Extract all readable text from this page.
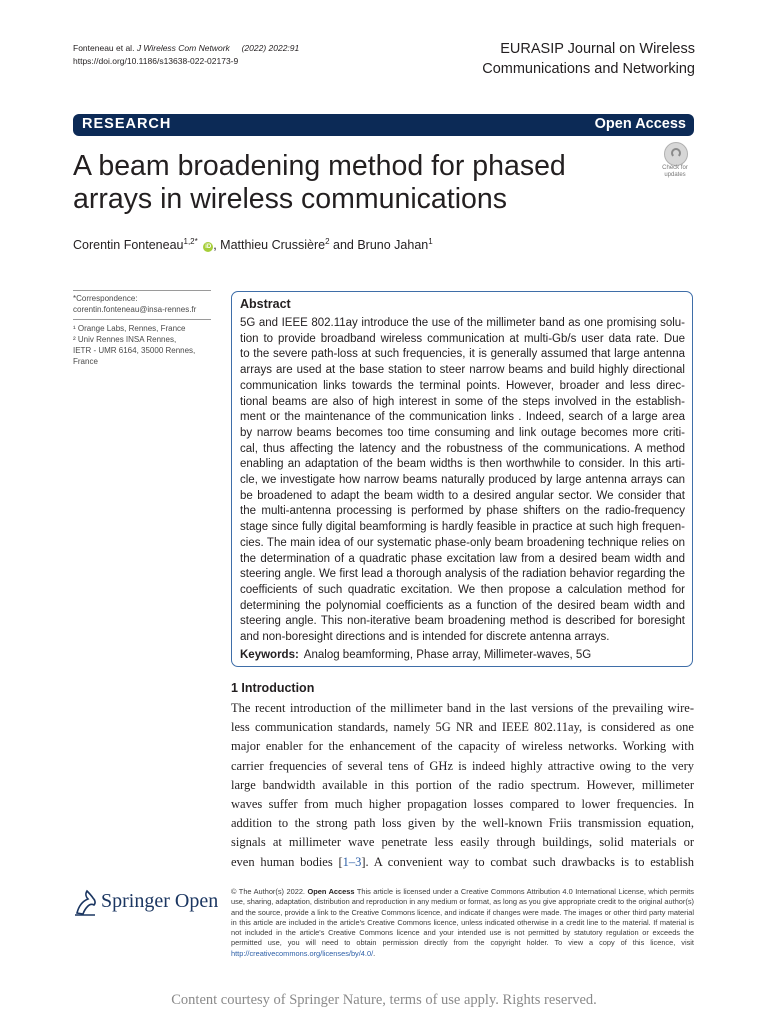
Fonteneau et al. J Wireless Com Network (2022) 2022:91
https://doi.org/10.1186/s13638-022-02173-9
EURASIP Journal on Wireless
Communications and Networking
RESEARCH	Open Access
A beam broadening method for phased arrays in wireless communications
Check for
updates
Corentin Fonteneau$^{1,2*}$ iD , Matthieu Crussière$^2$ and Bruno Jahan$^1$
*Correspondence:
corentin.fonteneau@insa-rennes.fr
¹ Orange Labs, Rennes, France
² Univ Rennes INSA Rennes,
IETR - UMR 6164, 35000 Rennes,
France
Abstract
5G and IEEE 802.11ay introduce the use of the millimeter band as one promising solu-
tion to provide broadband wireless communication at multi-Gb/s user data rate. Due
to the severe path-loss at such frequencies, it is generally assumed that large antenna
arrays are used at the base station to steer narrow beams and build highly directional
communication links towards the terminal points. However, broader and less direc-
tional beams are also of high interest in some of the steps involved in the establish-
ment or the maintenance of the communication links . Indeed, search of a large area
by narrow beams becomes too time consuming and link outage becomes more criti-
cal, thus affecting the latency and the robustness of the communications. A method
enabling an adaptation of the beam widths is then worthwhile to consider. In this arti-
cle, we investigate how narrow beams naturally produced by large antenna arrays can
be broadened to adapt the beam width to a desired angular sector. We consider that
the multi-antenna processing is performed by phase shifters on the radio-frequency
stage since fully digital beamforming is hardly feasible in practice at such high frequen-
cies. The main idea of our systematic phase-only beam broadening technique relies on
the determination of a quadratic phase excitation law from a desired beam width and
steering angle. We first lead a thorough analysis of the radiation behavior regarding the
coefficients of such quadratic excitation. We then propose a calculation method for
determining the polynomial coefficients as a function of the desired beam width and
steering angle. This non-iterative beam broadening method is described for boresight
and non-boresight directions and is intended for discrete antenna arrays.
Keywords: Analog beamforming, Phase array, Millimeter-waves, 5G
1 Introduction
The recent introduction of the millimeter band in the last versions of the prevailing wire-
less communication standards, namely 5G NR and IEEE 802.11ay, is considered as one
major enabler for the enhancement of the capacity of wireless networks. Working with
carrier frequencies of several tens of GHz is indeed highly attractive owing to the very
large bandwidth available in this portion of the radio spectrum. However, millimeter
waves suffer from much higher propagation losses compared to lower frequencies. In
addition to the strong path loss given by the well-known Friis transmission equation,
signals at millimeter wave penetrate less easily through buildings, solid materials or
even human bodies [1–3]. A convenient way to combat such drawbacks is to establish
Springer Open © The Author(s) 2022. Open Access This article is licensed under a Creative Commons Attribution 4.0 International License, which permits use, sharing, adaptation, distribution and reproduction in any medium or format, as long as you give appropriate credit to the original author(s) and the source, provide a link to the Creative Commons licence, and indicate if changes were made. The images or other third party material in this article are included in the article's Creative Commons licence, unless indicated otherwise in a credit line to the material. If material is not included in the article's Creative Commons licence and your intended use is not permitted by statutory regulation or exceeds the permitted use, you will need to obtain permission directly from the copyright holder. To view a copy of this licence, visit http://creativecommons.org/licenses/by/4.0/.
Content courtesy of Springer Nature, terms of use apply. Rights reserved.
